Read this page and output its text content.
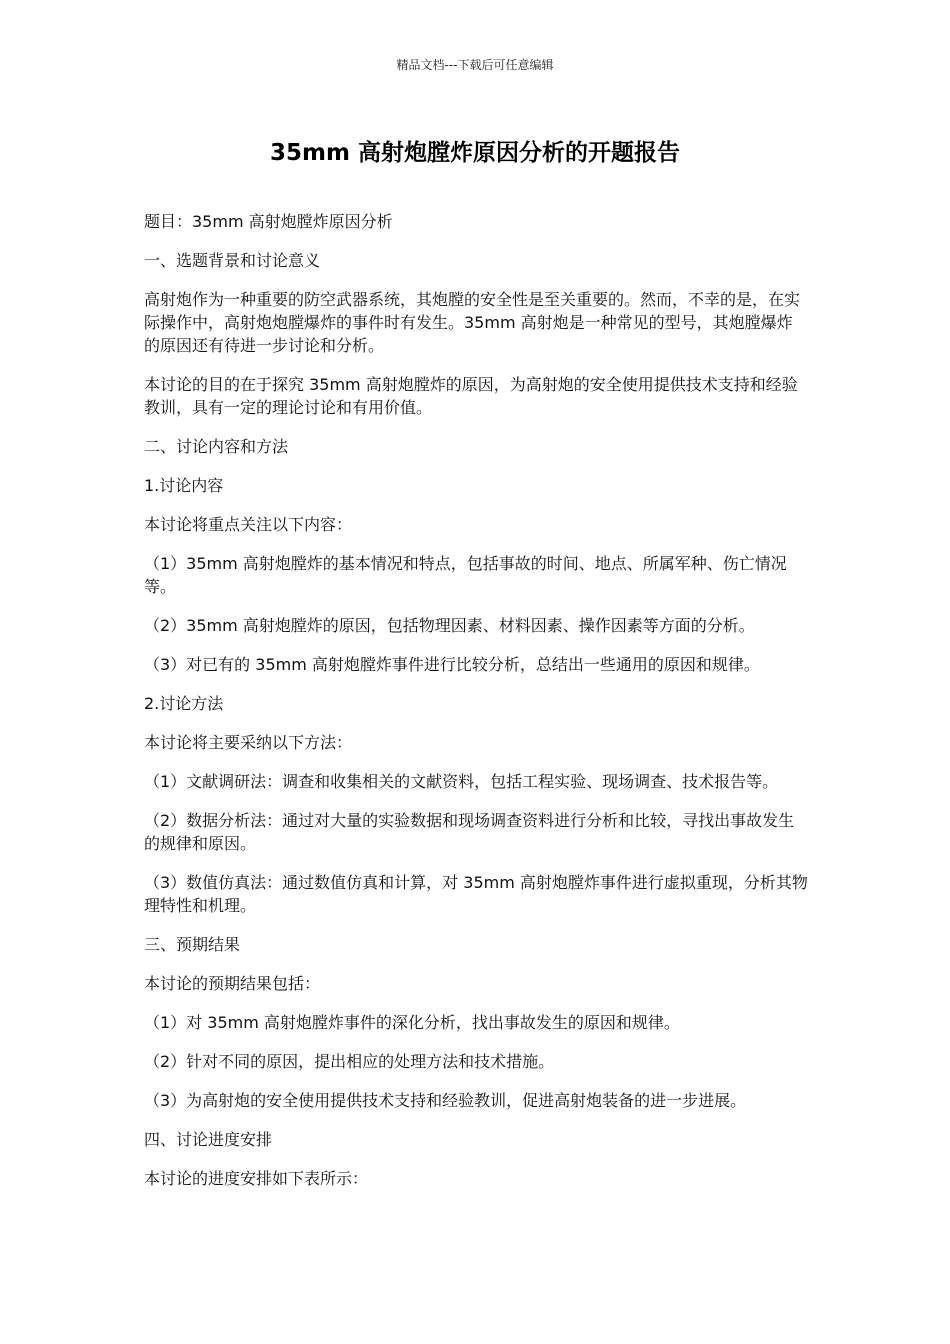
精品文档---下载后可任意编辑
35mm 高射炮膛炸原因分析的开题报告

题目：35mm 高射炮膛炸原因分析

一、选题背景和讨论意义

高射炮作为一种重要的防空武器系统，其炮膛的安全性是至关重要的。然而，不幸的是，在实际操作中，高射炮炮膛爆炸的事件时有发生。35mm 高射炮是一种常见的型号，其炮膛爆炸的原因还有待进一步讨论和分析。

本讨论的目的在于探究 35mm 高射炮膛炸的原因，为高射炮的安全使用提供技术支持和经验教训，具有一定的理论讨论和有用价值。

二、讨论内容和方法

1.讨论内容

本讨论将重点关注以下内容：

（1）35mm 高射炮膛炸的基本情况和特点，包括事故的时间、地点、所属军种、伤亡情况等。

（2）35mm 高射炮膛炸的原因，包括物理因素、材料因素、操作因素等方面的分析。

（3）对已有的 35mm 高射炮膛炸事件进行比较分析，总结出一些通用的原因和规律。

2.讨论方法

本讨论将主要采纳以下方法：

（1）文献调研法：调查和收集相关的文献资料，包括工程实验、现场调查、技术报告等。

（2）数据分析法：通过对大量的实验数据和现场调查资料进行分析和比较，寻找出事故发生的规律和原因。

（3）数值仿真法：通过数值仿真和计算，对 35mm 高射炮膛炸事件进行虚拟重现，分析其物理特性和机理。

三、预期结果

本讨论的预期结果包括：

（1）对 35mm 高射炮膛炸事件的深化分析，找出事故发生的原因和规律。

（2）针对不同的原因，提出相应的处理方法和技术措施。

（3）为高射炮的安全使用提供技术支持和经验教训，促进高射炮装备的进一步进展。

四、讨论进度安排

本讨论的进度安排如下表所示：
